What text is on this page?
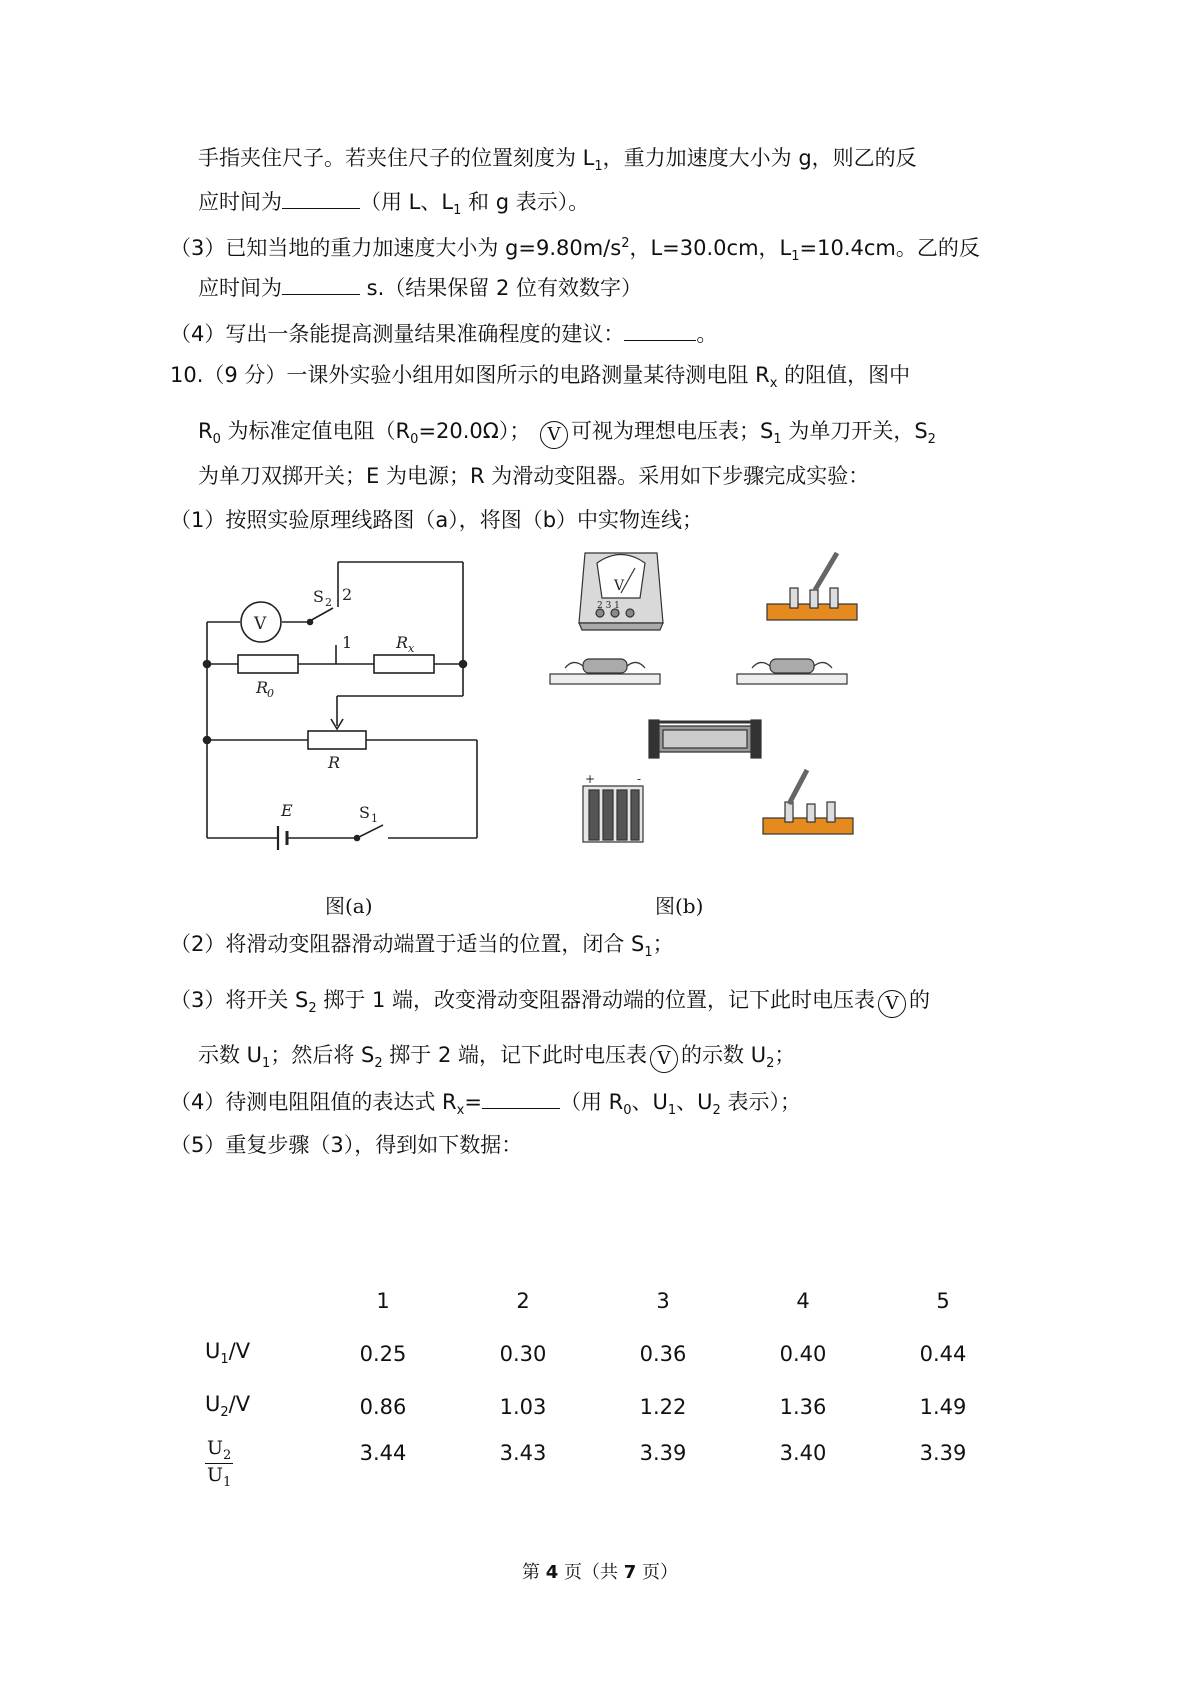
手指夹住尺子。若夹住尺子的位置刻度为 $L_1$，重力加速度大小为 g，则乙的反
应时间为	（用 L、$L_1$ 和 g 表示）。
（3）已知当地的重力加速度大小为 $g=9.80m/s^2$，L=30.0cm，$L_1=10.4cm$。乙的反
应时间为	s.（结果保留 2 位有效数字）
（4）写出一条能提高测量结果准确程度的建议：	。
10.（9 分）一课外实验小组用如图所示的电路测量某待测电阻 $R_x$ 的阻值，图中
$R_0$ 为标准定值电阻$(R_0=20.0\Omega)$； V 可视为理想电压表；$S_1$ 为单刀开关，$S_2$
为单刀双掷开关；E 为电源；R 为滑动变阻器。采用如下步骤完成实验：
（1）按照实验原理线路图（a），将图（b）中实物连线；
S 2 2
1	R x
R
0
R
E	S 1
V
图(a)
V
2 3 1
+	-
图(b)
（2）将滑动变阻器滑动端置于适当的位置，闭合 $S_1$；
（3）将开关 $S_2$ 掷于 1 端，改变滑动变阻器滑动端的位置，记下此时电压表 V 的
示数 $U_1$；然后将 $S_2$ 掷于 2 端，记下此时电压表 V 的示数 $U_2$；
（4）待测电阻阻值的表达式 $R_x=$	（用 $R_0$、$U_1$、$U_2$ 表示）；
（5）重复步骤（3），得到如下数据：
	1	2	3	4	5
$U_1/V$	0.25	0.30	0.36	0.40	0.44
$U_2/V$	0.86	1.03	1.22	1.36	1.49

$\frac{U_2}{U_1}$	3.44	3.43	3.39	3.40	3.39
第 4 页（共 7 页）
